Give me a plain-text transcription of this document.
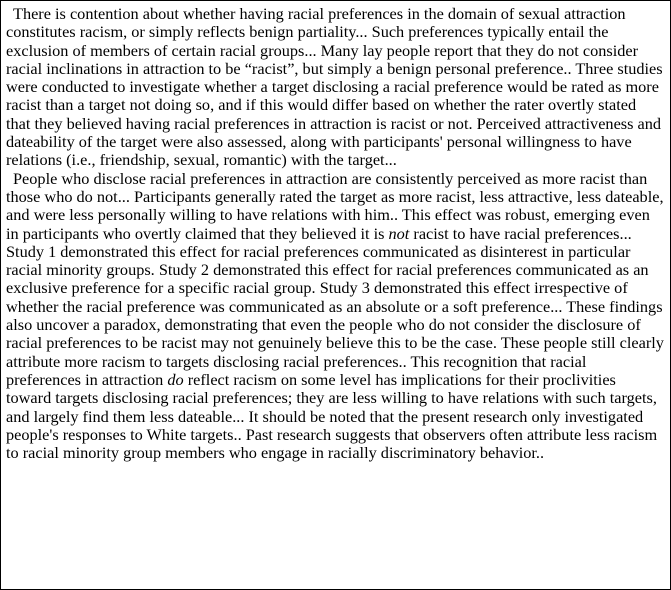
There is contention about whether having racial preferences in the domain of sexual attraction constitutes racism, or simply reflects benign partiality... Such preferences typically entail the exclusion of members of certain racial groups... Many lay people report that they do not consider racial inclinations in attraction to be “racist”, but simply a benign personal preference.. Three studies were conducted to investigate whether a target disclosing a racial preference would be rated as more racist than a target not doing so, and if this would differ based on whether the rater overtly stated that they believed having racial preferences in attraction is racist or not. Perceived attractiveness and dateability of the target were also assessed, along with participants' personal willingness to have relations (i.e., friendship, sexual, romantic) with the target...

People who disclose racial preferences in attraction are consistently perceived as more racist than those who do not... Participants generally rated the target as more racist, less attractive, less dateable, and were less personally willing to have relations with him.. This effect was robust, emerging even in participants who overtly claimed that they believed it is not racist to have racial preferences... Study 1 demonstrated this effect for racial preferences communicated as disinterest in particular racial minority groups. Study 2 demonstrated this effect for racial preferences communicated as an exclusive preference for a specific racial group. Study 3 demonstrated this effect irrespective of whether the racial preference was communicated as an absolute or a soft preference... These findings also uncover a paradox, demonstrating that even the people who do not consider the disclosure of racial preferences to be racist may not genuinely believe this to be the case. These people still clearly attribute more racism to targets disclosing racial preferences.. This recognition that racial preferences in attraction do reflect racism on some level has implications for their proclivities toward targets disclosing racial preferences; they are less willing to have relations with such targets, and largely find them less dateable... It should be noted that the present research only investigated people's responses to White targets.. Past research suggests that observers often attribute less racism to racial minority group members who engage in racially discriminatory behavior..
